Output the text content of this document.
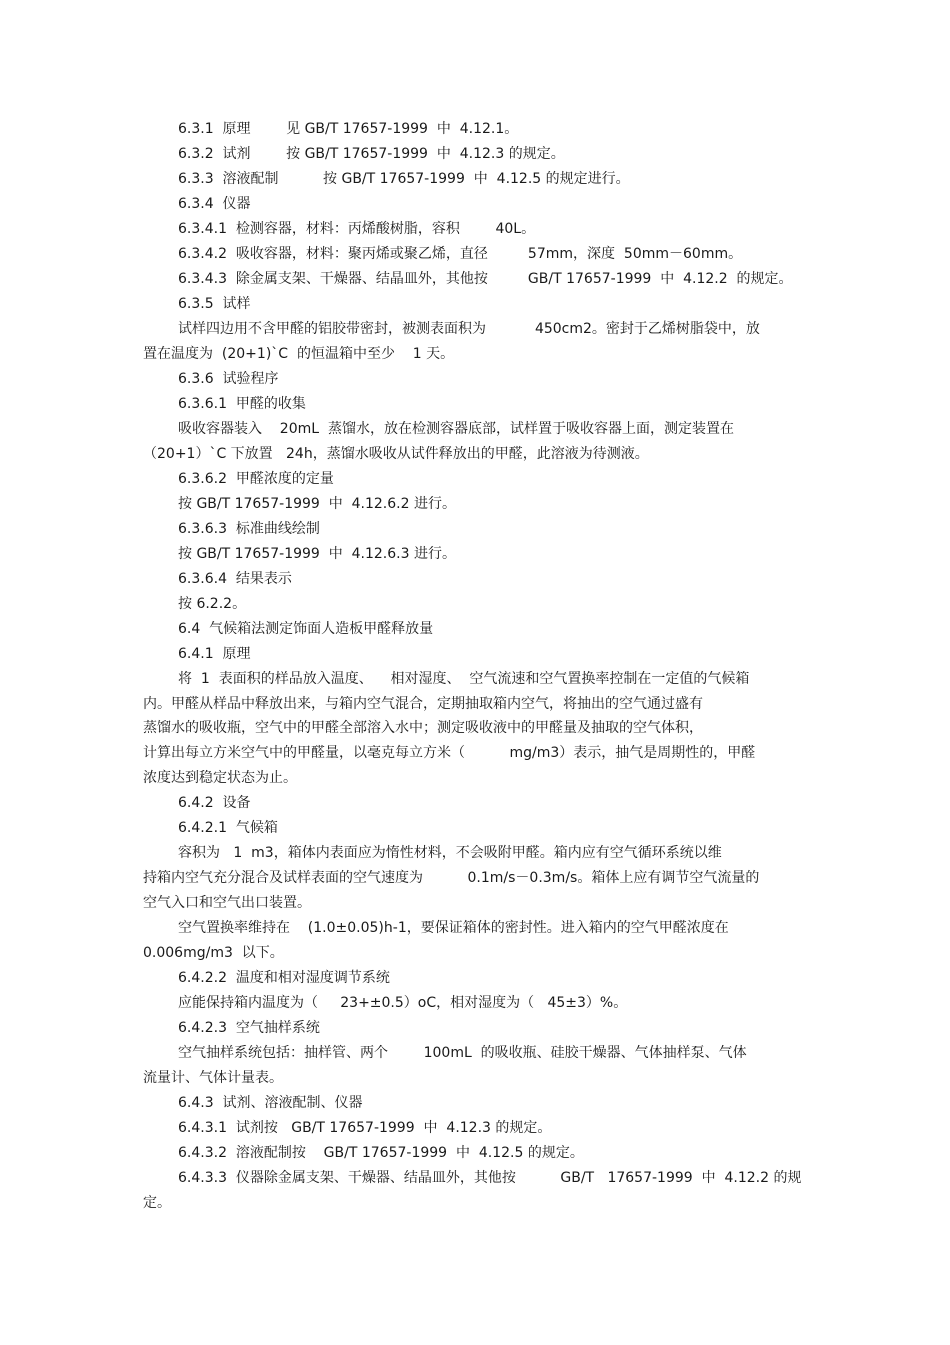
6.3.1  原理        见 GB/T 17657-1999  中  4.12.1。
6.3.2  试剂        按 GB/T 17657-1999  中  4.12.3 的规定。
6.3.3  溶液配制          按 GB/T 17657-1999  中  4.12.5 的规定进行。
6.3.4  仪器
6.3.4.1  检测容器，材料：丙烯酸树脂，容积        40L。
6.3.4.2  吸收容器，材料：聚丙烯或聚乙烯，直径         57mm，深度  50mm－60mm。
6.3.4.3  除金属支架、干燥器、结晶皿外，其他按         GB/T 17657-1999  中  4.12.2  的规定。
6.3.5  试样
试样四边用不含甲醛的铝胶带密封，被测表面积为           450cm2。密封于乙烯树脂袋中，放
置在温度为  (20+1)`C  的恒温箱中至少    1 天。
6.3.6  试验程序
6.3.6.1  甲醛的收集
吸收容器装入    20mL  蒸馏水，放在检测容器底部，试样置于吸收容器上面，测定装置在
（20+1）`C 下放置   24h，蒸馏水吸收从试件释放出的甲醛，此溶液为待测液。
6.3.6.2  甲醛浓度的定量
按 GB/T 17657-1999  中  4.12.6.2 进行。
6.3.6.3  标准曲线绘制
按 GB/T 17657-1999  中  4.12.6.3 进行。
6.3.6.4  结果表示
按 6.2.2。
6.4  气候箱法测定饰面人造板甲醛释放量
6.4.1  原理
将  1  表面积的样品放入温度、    相对湿度、  空气流速和空气置换率控制在一定值的气候箱
内。甲醛从样品中释放出来，与箱内空气混合，定期抽取箱内空气，将抽出的空气通过盛有
蒸馏水的吸收瓶，空气中的甲醛全部溶入水中；测定吸收液中的甲醛量及抽取的空气体积，
计算出每立方米空气中的甲醛量，以毫克每立方米（          mg/m3）表示，抽气是周期性的，甲醛
浓度达到稳定状态为止。
6.4.2  设备
6.4.2.1  气候箱
容积为   1  m3，箱体内表面应为惰性材料，不会吸附甲醛。箱内应有空气循环系统以维
持箱内空气充分混合及试样表面的空气速度为          0.1m/s－0.3m/s。箱体上应有调节空气流量的
空气入口和空气出口装置。
空气置换率维持在    (1.0±0.05)h-1，要保证箱体的密封性。进入箱内的空气甲醛浓度在
0.006mg/m3  以下。
6.4.2.2  温度和相对湿度调节系统
应能保持箱内温度为（     23+±0.5）oC，相对湿度为（   45±3）%。
6.4.2.3  空气抽样系统
空气抽样系统包括：抽样管、两个        100mL  的吸收瓶、硅胶干燥器、气体抽样泵、气体
流量计、气体计量表。
6.4.3  试剂、溶液配制、仪器
6.4.3.1  试剂按   GB/T 17657-1999  中  4.12.3 的规定。
6.4.3.2  溶液配制按    GB/T 17657-1999  中  4.12.5 的规定。
6.4.3.3  仪器除金属支架、干燥器、结晶皿外，其他按          GB/T   17657-1999  中  4.12.2 的规
定。
